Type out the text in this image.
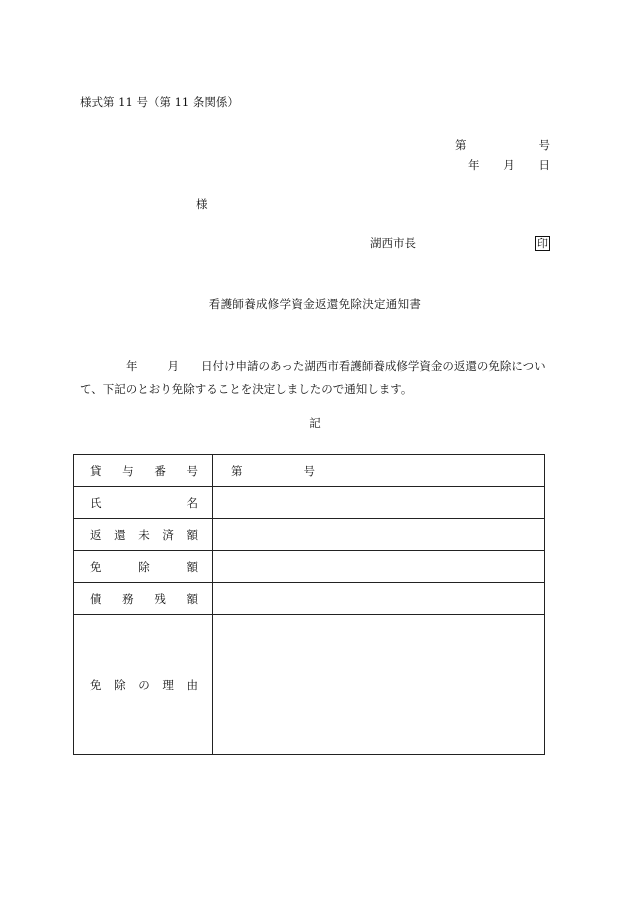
様式第 11 号（第 11 条関係）
第	号
年 月 日
様
湖西市長	印
看護師養成修学資金返還免除決定通知書
年	月 日付け申請のあった湖西市看護師養成修学資金の返還の免除につい
て、下記のとおり免除することを決定しましたので通知します。
記
貸 与 番 号	第 号

氏 名	

返 還 未 済 額	

免 除 額	

債 務 残 額	

免 除 の 理 由	
